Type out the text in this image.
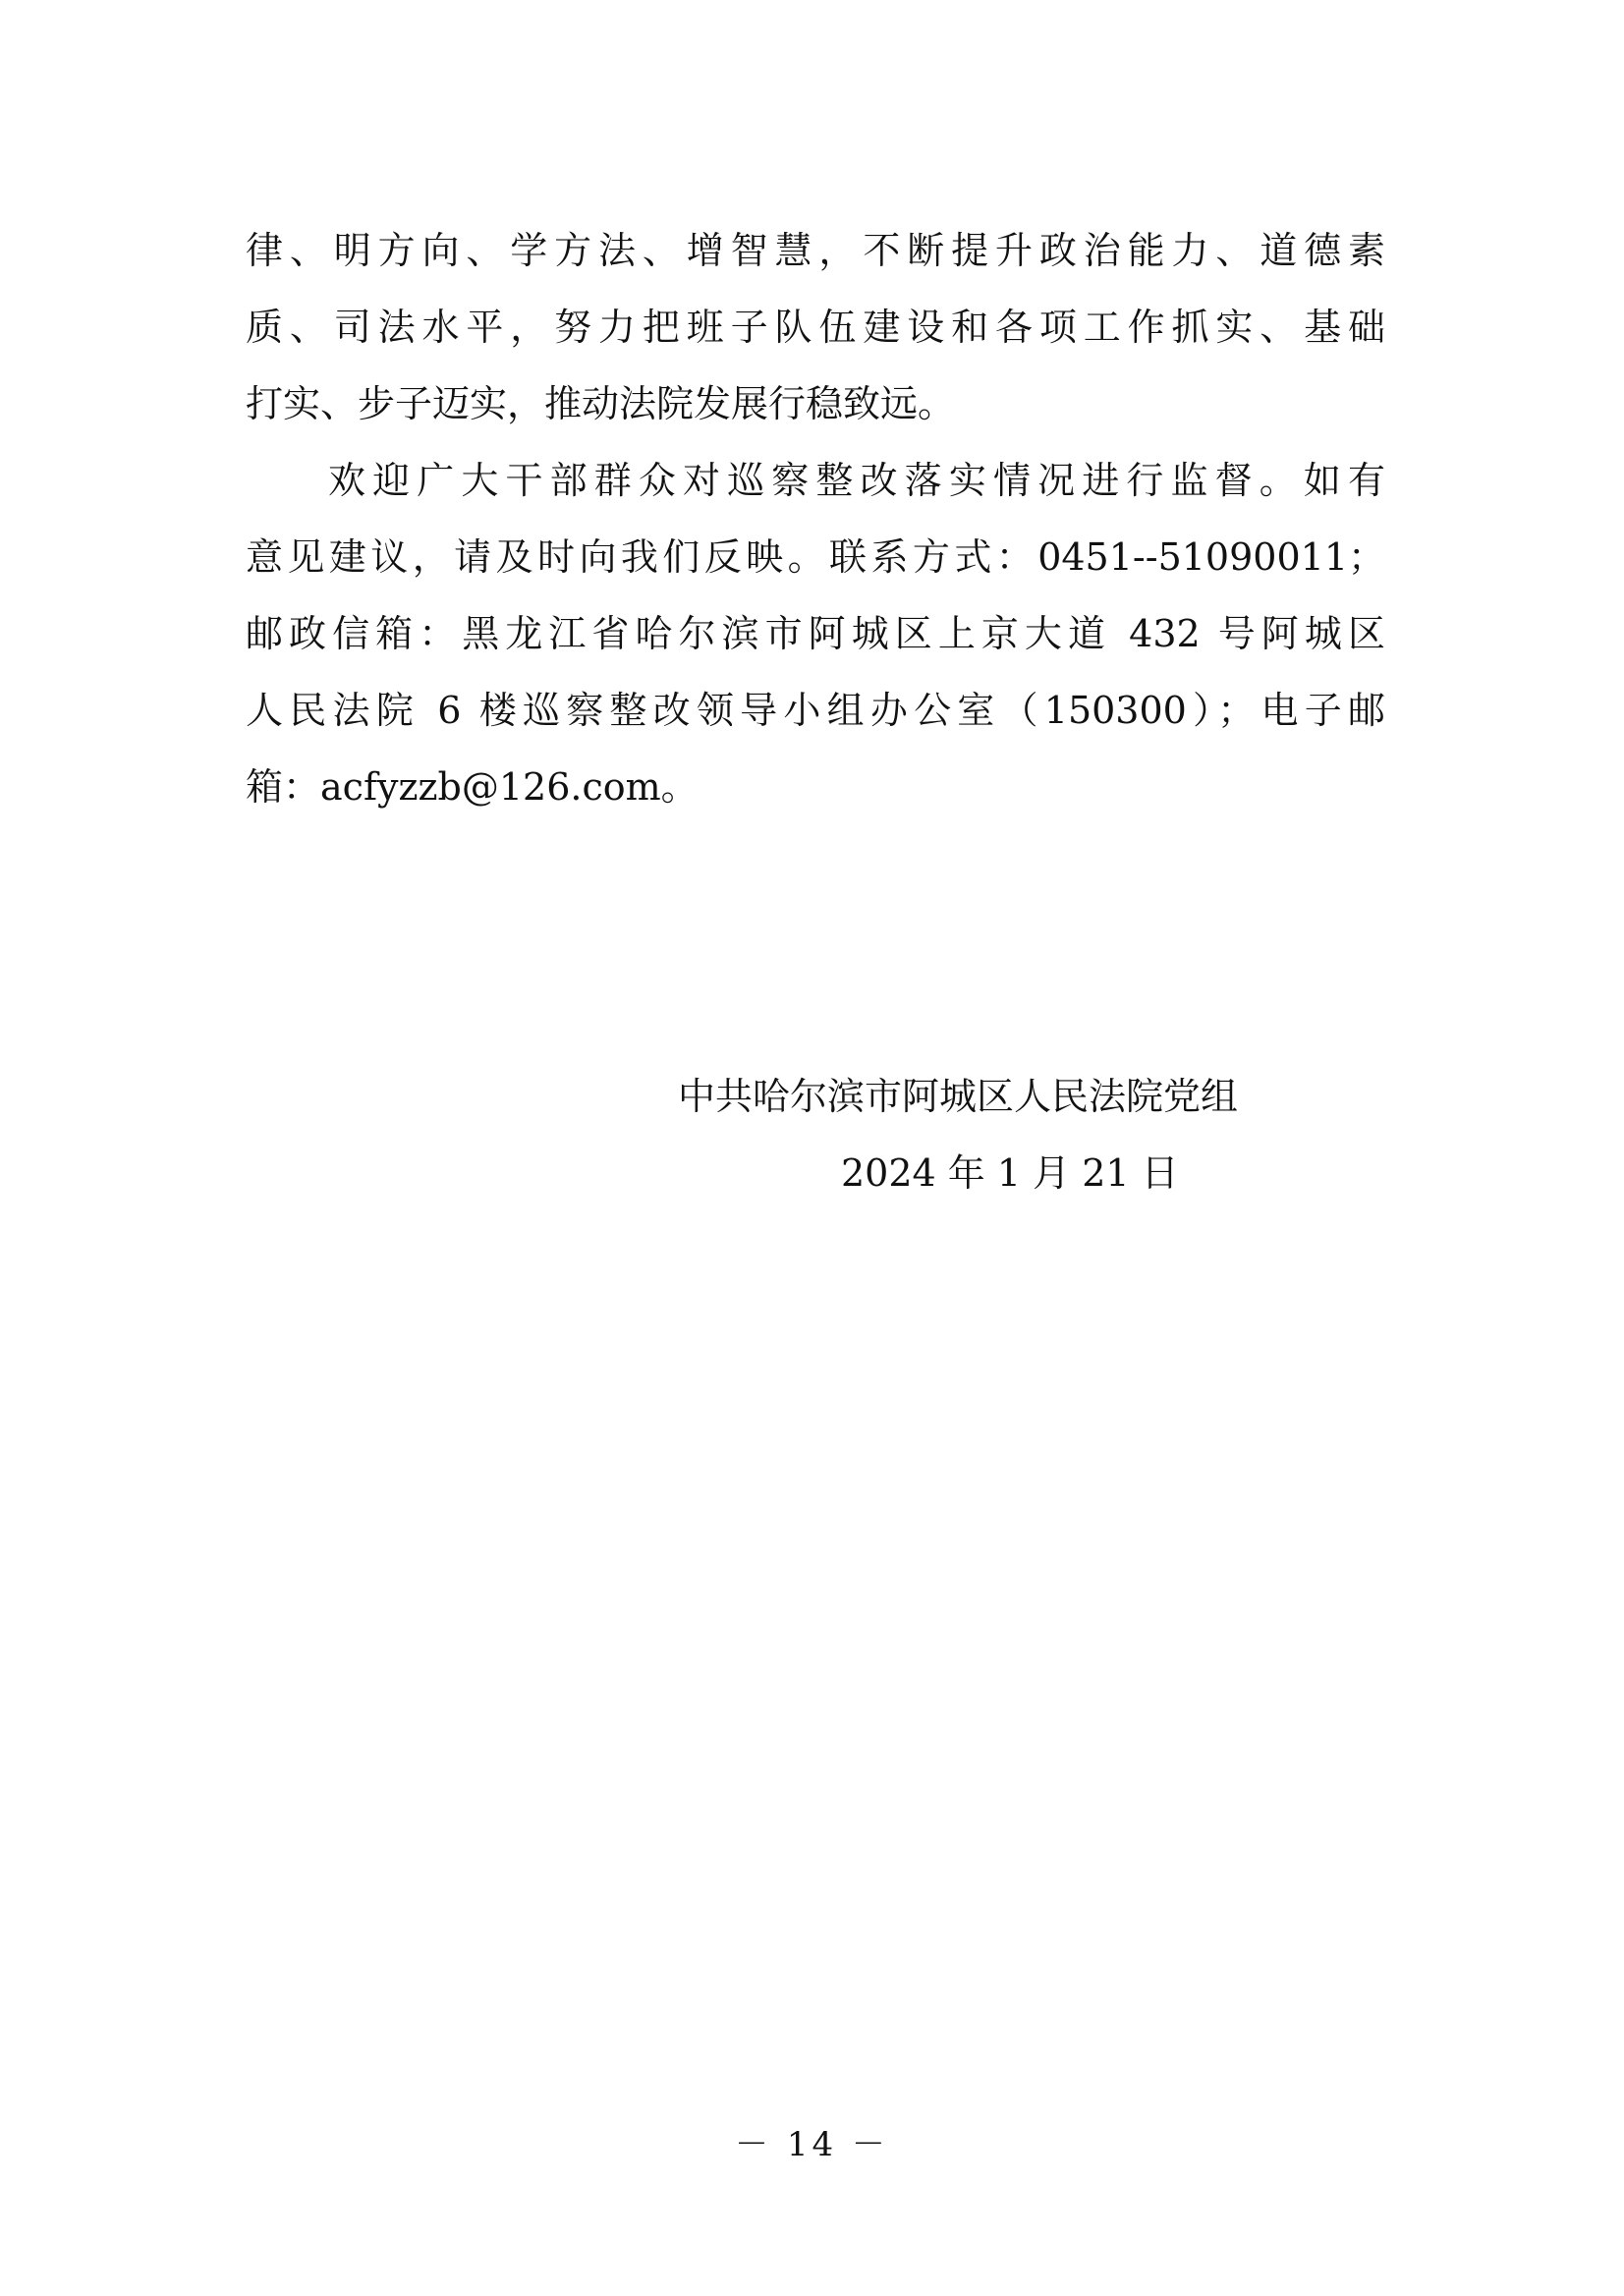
律、明方向、学方法、增智慧，不断提升政治能力、道德素
质、司法水平，努力把班子队伍建设和各项工作抓实、基础
打实、步子迈实，推动法院发展行稳致远。
欢迎广大干部群众对巡察整改落实情况进行监督。如有
意见建议，请及时向我们反映。联系方式：0451--51090011；
邮政信箱：黑龙江省哈尔滨市阿城区上京大道 432 号阿城区
人民法院 6 楼巡察整改领导小组办公室（150300）；电子邮
箱：acfyzzb@126.com。
中共哈尔滨市阿城区人民法院党组
2024 年 1 月 21 日
－ 14 －
